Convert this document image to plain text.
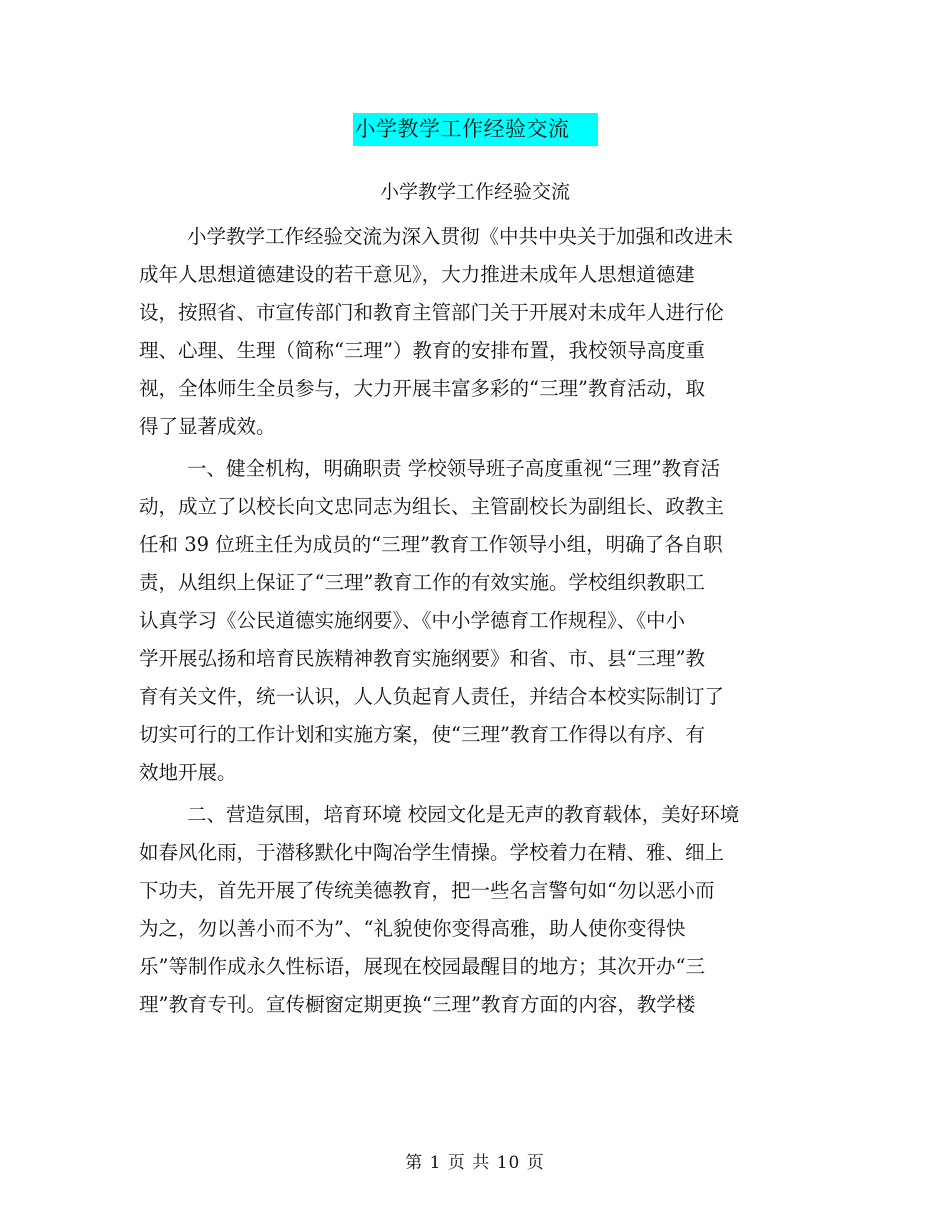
小学教学工作经验交流
小学教学工作经验交流
小学教学工作经验交流为深入贯彻《中共中央关于加强和改进未
成年人思想道德建设的若干意见》，大力推进未成年人思想道德建
设，按照省、市宣传部门和教育主管部门关于开展对未成年人进行伦
理、心理、生理（简称“三理”）教育的安排布置，我校领导高度重
视，全体师生全员参与，大力开展丰富多彩的“三理”教育活动，取
得了显著成效。
一、健全机构，明确职责 学校领导班子高度重视“三理”教育活
动，成立了以校长向文忠同志为组长、主管副校长为副组长、政教主
任和 39 位班主任为成员的“三理”教育工作领导小组，明确了各自职
责，从组织上保证了“三理”教育工作的有效实施。学校组织教职工
认真学习《公民道德实施纲要》、《中小学德育工作规程》、《中小
学开展弘扬和培育民族精神教育实施纲要》和省、市、县“三理”教
育有关文件，统一认识，人人负起育人责任，并结合本校实际制订了
切实可行的工作计划和实施方案，使“三理”教育工作得以有序、有
效地开展。
二、营造氛围，培育环境 校园文化是无声的教育载体，美好环境
如春风化雨，于潜移默化中陶冶学生情操。学校着力在精、雅、细上
下功夫，首先开展了传统美德教育，把一些名言警句如“勿以恶小而
为之，勿以善小而不为”、“礼貌使你变得高雅，助人使你变得快
乐”等制作成永久性标语，展现在校园最醒目的地方；其次开办“三
理”教育专刊。宣传橱窗定期更换“三理”教育方面的内容，教学楼
第 1 页 共 10 页
